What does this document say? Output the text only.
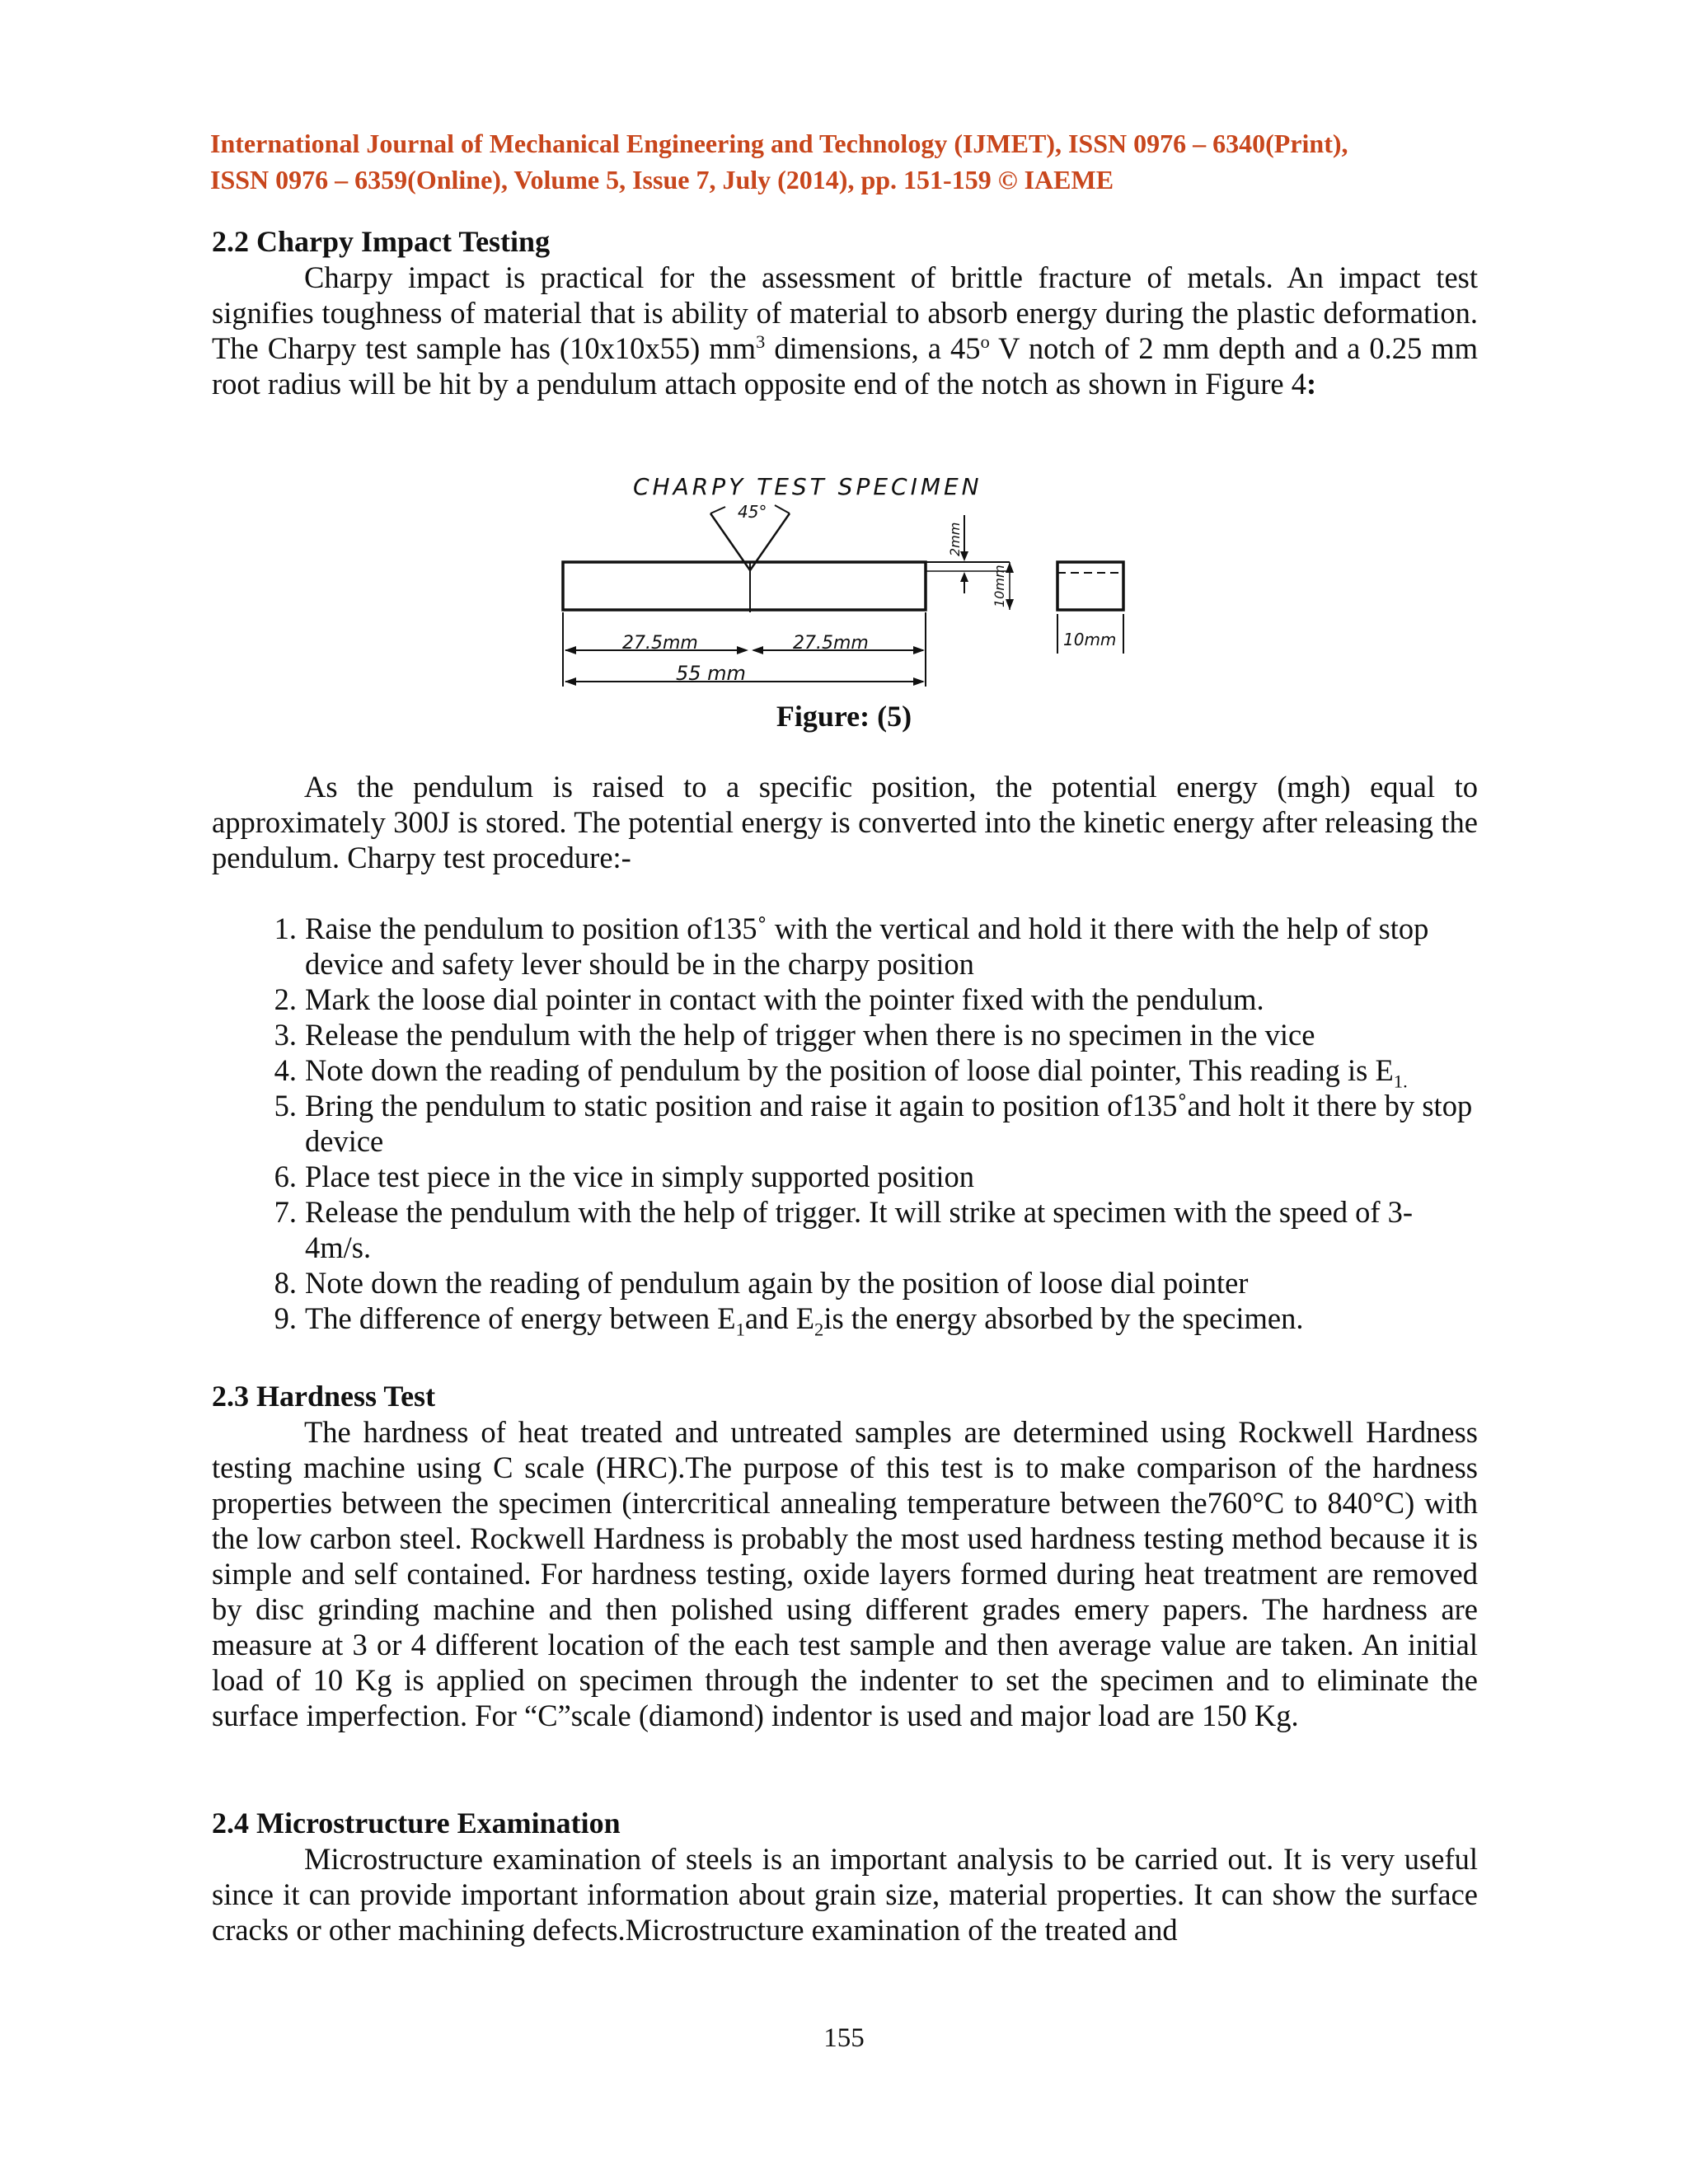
International Journal of Mechanical Engineering and Technology (IJMET), ISSN 0976 – 6340(Print),
ISSN 0976 – 6359(Online), Volume 5, Issue 7, July (2014), pp. 151-159 © IAEME

2.2 Charpy Impact Testing

Charpy impact is practical for the assessment of brittle fracture of metals. An impact test signifies toughness of material that is ability of material to absorb energy during the plastic deformation. The Charpy test sample has (10x10x55) $mm^3$ dimensions, a 45$^o$ V notch of 2 mm depth and a 0.25 mm root radius will be hit by a pendulum attach opposite end of the notch as shown in Figure 4:

CHARPY TEST SPECIMEN
45°
2mm
10mm
10mm
27.5mm	27.5mm
55 mm
Figure: (5)

As the pendulum is raised to a specific position, the potential energy (mgh) equal to approximately 300J is stored. The potential energy is converted into the kinetic energy after releasing the pendulum. Charpy test procedure:-

1. Raise the pendulum to position of135˚ with the vertical and hold it there with the help of stop device and safety lever should be in the charpy position
2. Mark the loose dial pointer in contact with the pointer fixed with the pendulum.
3. Release the pendulum with the help of trigger when there is no specimen in the vice
4. Note down the reading of pendulum by the position of loose dial pointer, This reading is $E_{1.}$
5. Bring the pendulum to static position and raise it again to position of135˚and holt it there by stop device
6. Place test piece in the vice in simply supported position
7. Release the pendulum with the help of trigger. It will strike at specimen with the speed of 3-4m/s.
8. Note down the reading of pendulum again by the position of loose dial pointer
9. The difference of energy between $E_1and$ $E_2is$ the energy absorbed by the specimen.

2.3 Hardness Test

The hardness of heat treated and untreated samples are determined using Rockwell Hardness testing machine using C scale (HRC).The purpose of this test is to make comparison of the hardness properties between the specimen (intercritical annealing temperature between the760°C to 840°C) with the low carbon steel. Rockwell Hardness is probably the most used hardness testing method because it is simple and self contained. For hardness testing, oxide layers formed during heat treatment are removed by disc grinding machine and then polished using different grades emery papers. The hardness are measure at 3 or 4 different location of the each test sample and then average value are taken. An initial load of 10 Kg is applied on specimen through the indenter to set the specimen and to eliminate the surface imperfection. For “C”scale (diamond) indentor is used and major load are 150 Kg.

2.4 Microstructure Examination

Microstructure examination of steels is an important analysis to be carried out. It is very useful since it can provide important information about grain size, material properties. It can show the surface cracks or other machining defects.Microstructure examination of the treated and

155
